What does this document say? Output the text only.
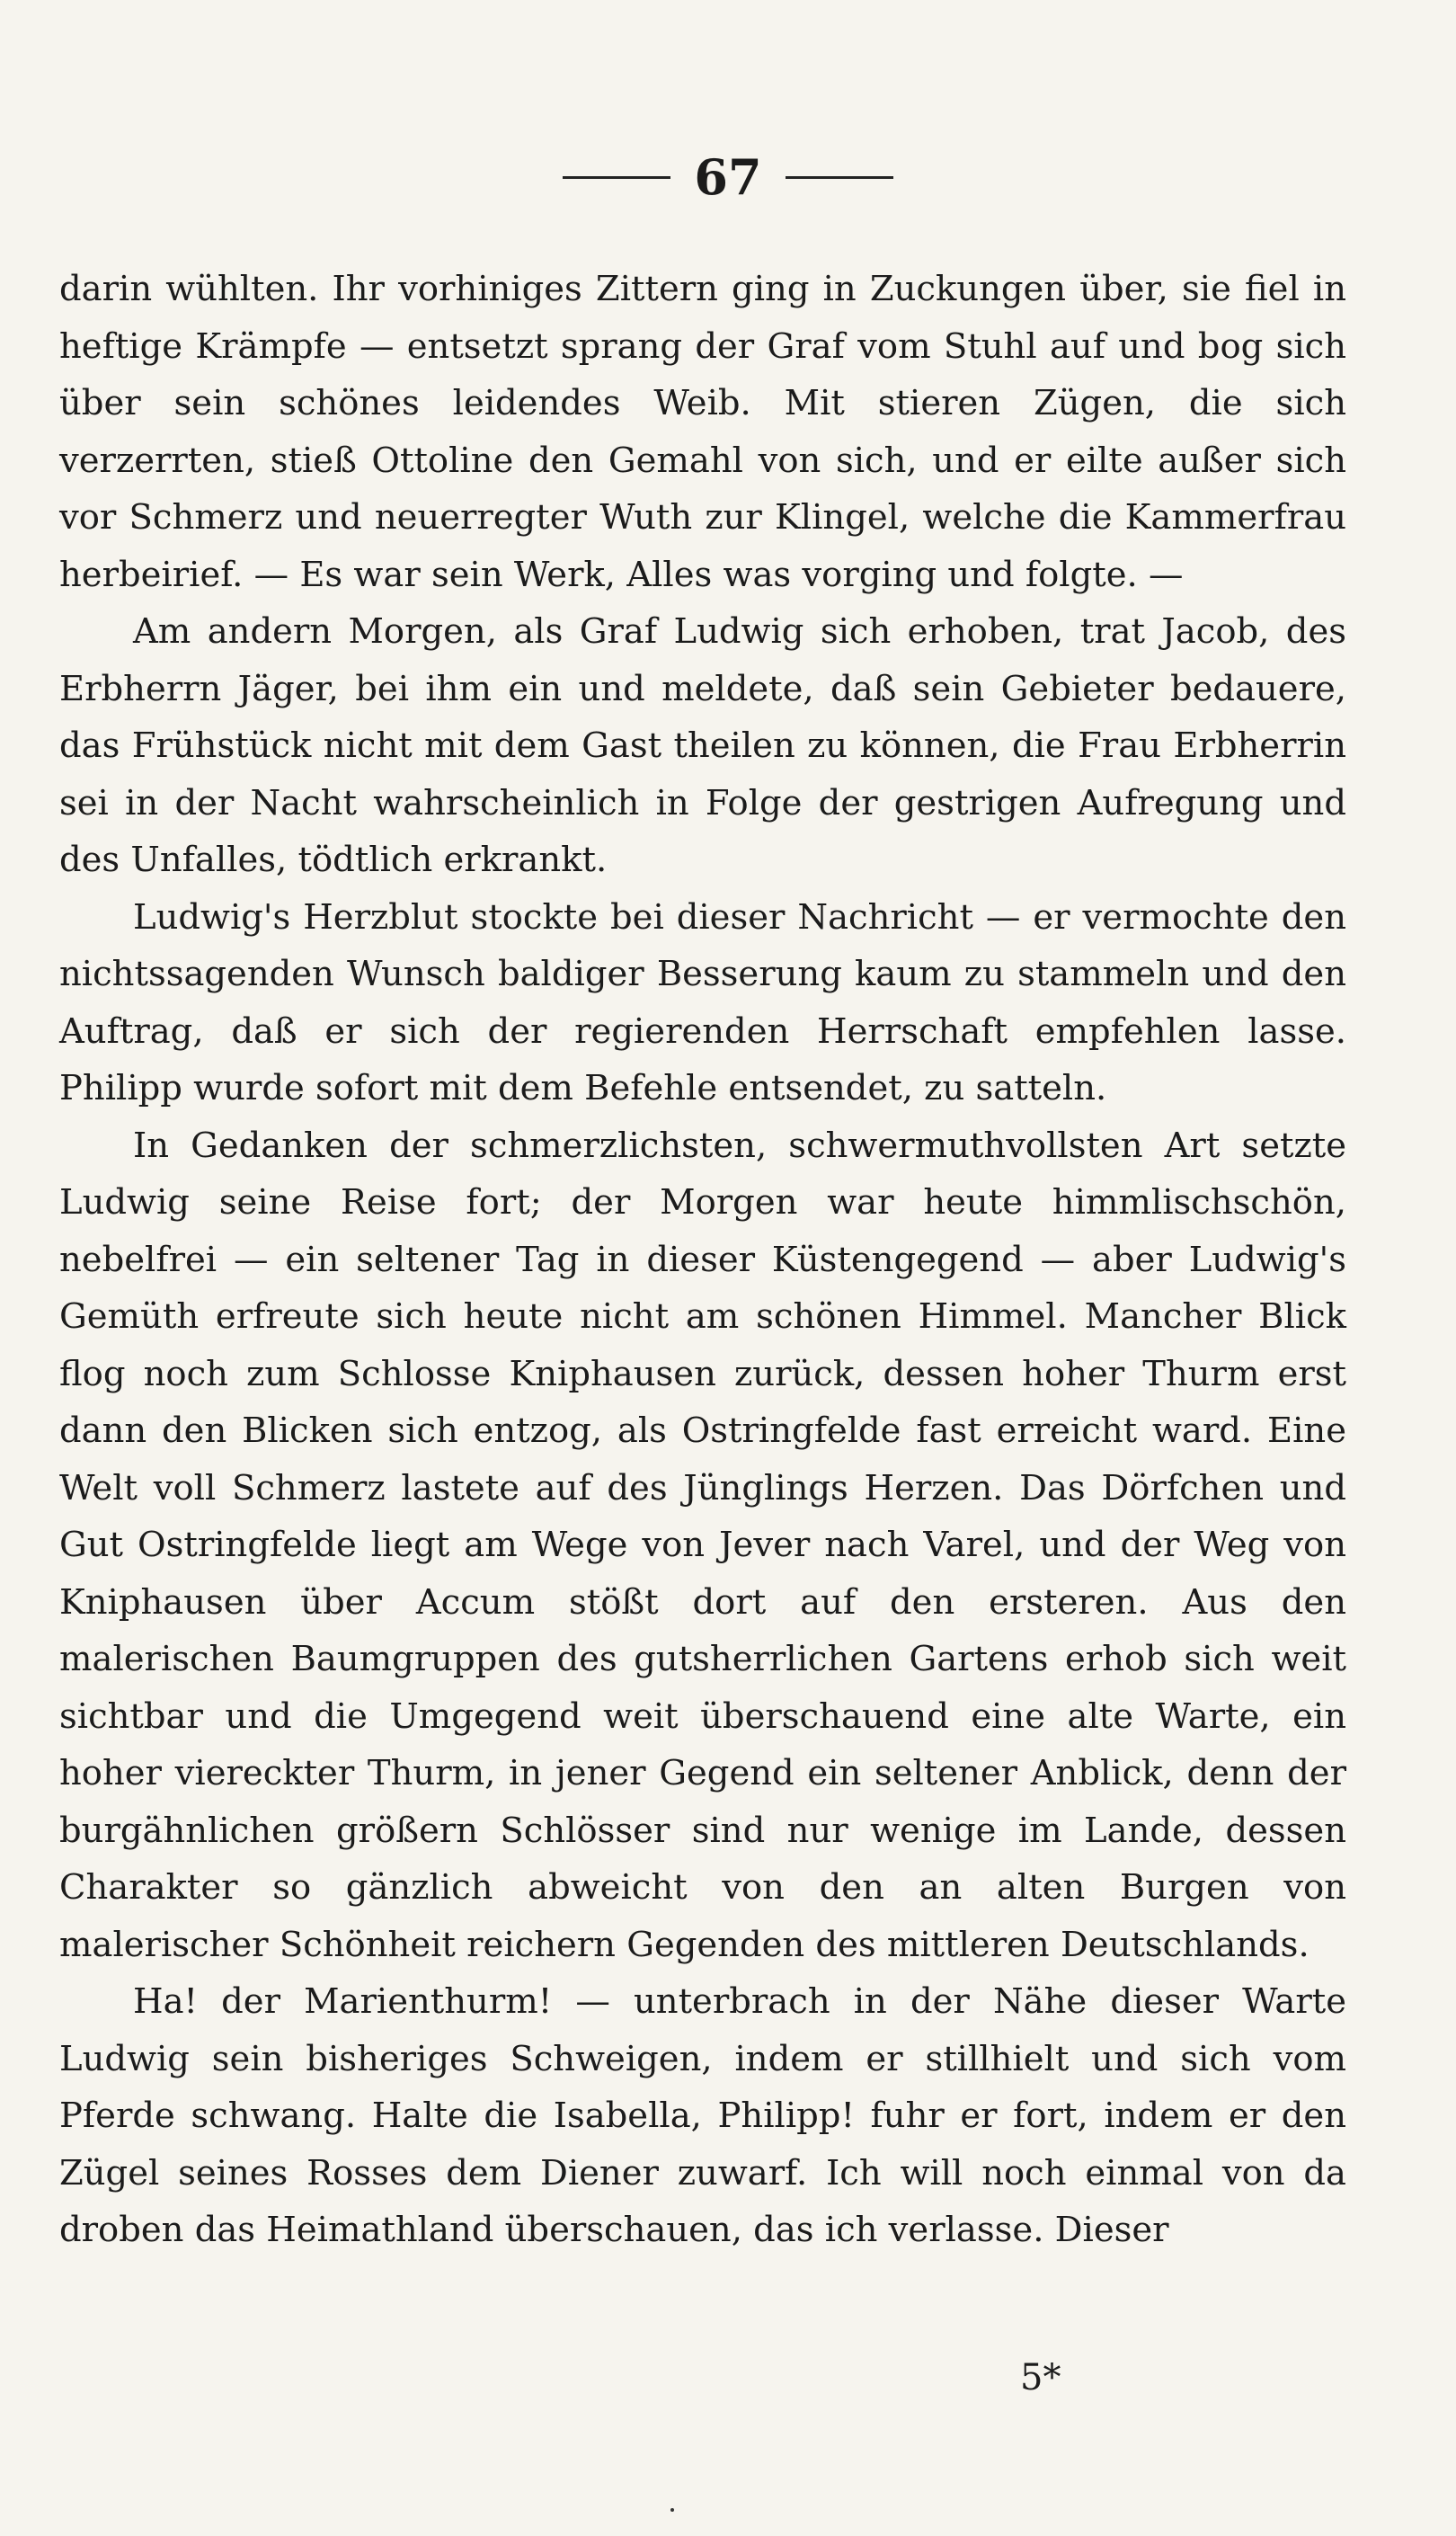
67

darin wühlten. Ihr vorhiniges Zittern ging in Zuckungen über, sie fiel in heftige Krämpfe — entsetzt sprang der Graf vom Stuhl auf und bog sich über sein schönes leidendes Weib. Mit stieren Zügen, die sich verzerrten, stieß Ottoline den Gemahl von sich, und er eilte außer sich vor Schmerz und neuerregter Wuth zur Klingel, welche die Kammerfrau herbeirief. — Es war sein Werk, Alles was vorging und folgte. —

Am andern Morgen, als Graf Ludwig sich erhoben, trat Jacob, des Erbherrn Jäger, bei ihm ein und meldete, daß sein Gebieter bedauere, das Frühstück nicht mit dem Gast theilen zu können, die Frau Erbherrin sei in der Nacht wahrscheinlich in Folge der gestrigen Aufregung und des Unfalles, tödtlich erkrankt.

Ludwig's Herzblut stockte bei dieser Nachricht — er vermochte den nichtssagenden Wunsch baldiger Besserung kaum zu stammeln und den Auftrag, daß er sich der regierenden Herrschaft empfehlen lasse. Philipp wurde sofort mit dem Befehle entsendet, zu satteln.

In Gedanken der schmerzlichsten, schwermuthvollsten Art setzte Ludwig seine Reise fort; der Morgen war heute himmlischschön, nebelfrei — ein seltener Tag in dieser Küstengegend — aber Ludwig's Gemüth erfreute sich heute nicht am schönen Himmel. Mancher Blick flog noch zum Schlosse Kniphausen zurück, dessen hoher Thurm erst dann den Blicken sich entzog, als Ostringfelde fast erreicht ward. Eine Welt voll Schmerz lastete auf des Jünglings Herzen. Das Dörfchen und Gut Ostringfelde liegt am Wege von Jever nach Varel, und der Weg von Kniphausen über Accum stößt dort auf den ersteren. Aus den malerischen Baumgruppen des gutsherrlichen Gartens erhob sich weit sichtbar und die Umgegend weit überschauend eine alte Warte, ein hoher viereckter Thurm, in jener Gegend ein seltener Anblick, denn der burgähnlichen größern Schlösser sind nur wenige im Lande, dessen Charakter so gänzlich abweicht von den an alten Burgen von malerischer Schönheit reichern Gegenden des mittleren Deutschlands.

Ha! der Marienthurm! — unterbrach in der Nähe dieser Warte Ludwig sein bisheriges Schweigen, indem er stillhielt und sich vom Pferde schwang. Halte die Isabella, Philipp! fuhr er fort, indem er den Zügel seines Rosses dem Diener zuwarf. Ich will noch einmal von da droben das Heimathland überschauen, das ich verlasse. Dieser

5*
